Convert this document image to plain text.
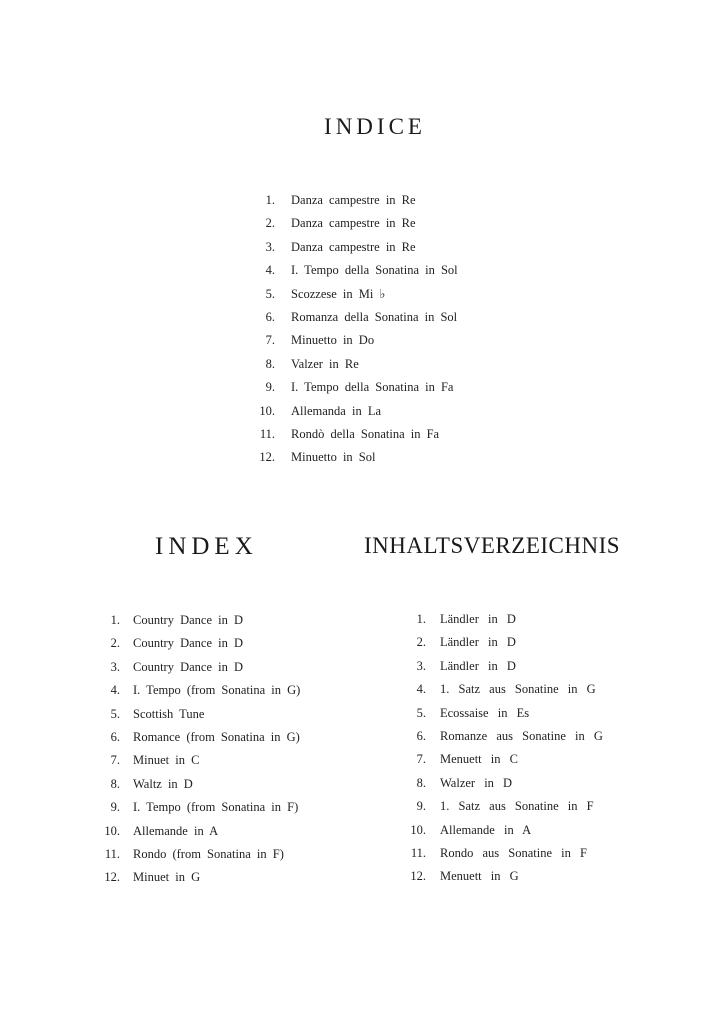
INDICE
1. Danza campestre in Re
2. Danza campestre in Re
3. Danza campestre in Re
4. I. Tempo della Sonatina in Sol
5. Scozzese in Mi ♭
6. Romanza della Sonatina in Sol
7. Minuetto in Do
8. Valzer in Re
9. I. Tempo della Sonatina in Fa
10. Allemanda in La
11. Rondò della Sonatina in Fa
12. Minuetto in Sol
INDEX
1. Country Dance in D
2. Country Dance in D
3. Country Dance in D
4. I. Tempo (from Sonatina in G)
5. Scottish Tune
6. Romance (from Sonatina in G)
7. Minuet in C
8. Waltz in D
9. I. Tempo (from Sonatina in F)
10. Allemande in A
11. Rondo (from Sonatina in F)
12. Minuet in G
INHALTSVERZEICHNIS
1. Ländler in D
2. Ländler in D
3. Ländler in D
4. 1. Satz aus Sonatine in G
5. Ecossaise in Es
6. Romanze aus Sonatine in G
7. Menuett in C
8. Walzer in D
9. 1. Satz aus Sonatine in F
10. Allemande in A
11. Rondo aus Sonatine in F
12. Menuett in G
